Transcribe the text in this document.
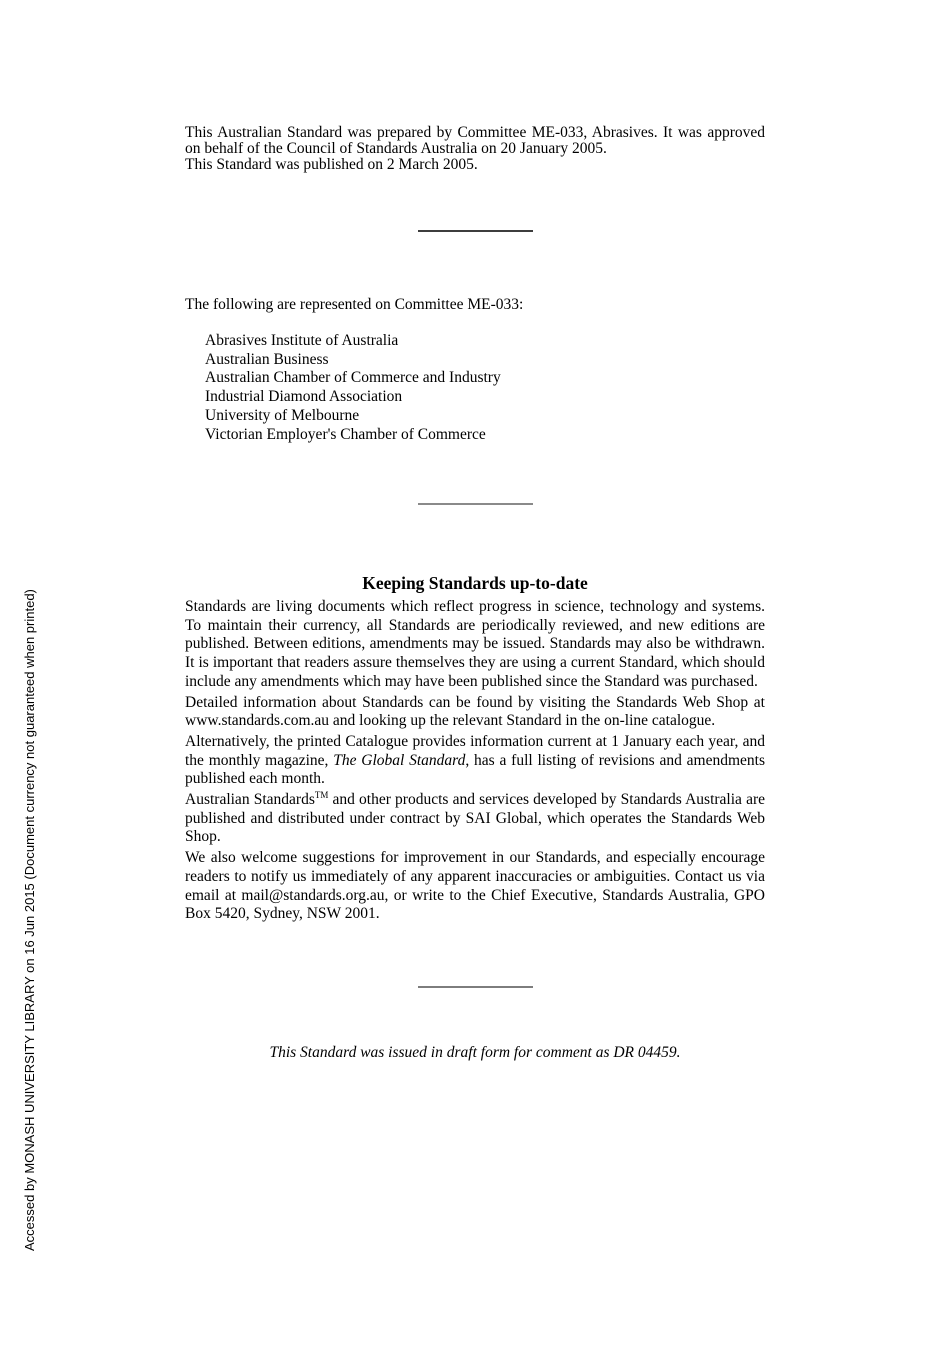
This Australian Standard was prepared by Committee ME-033, Abrasives. It was approved on behalf of the Council of Standards Australia on 20 January 2005.

This Standard was published on 2 March 2005.

The following are represented on Committee ME-033:
Abrasives Institute of Australia
Australian Business
Australian Chamber of Commerce and Industry
Industrial Diamond Association
University of Melbourne
Victorian Employer's Chamber of Commerce
Keeping Standards up-to-date

Standards are living documents which reflect progress in science, technology and systems. To maintain their currency, all Standards are periodically reviewed, and new editions are published. Between editions, amendments may be issued. Standards may also be withdrawn. It is important that readers assure themselves they are using a current Standard, which should include any amendments which may have been published since the Standard was purchased.

Detailed information about Standards can be found by visiting the Standards Web Shop at www.standards.com.au and looking up the relevant Standard in the on-line catalogue.

Alternatively, the printed Catalogue provides information current at 1 January each year, and the monthly magazine, The Global Standard, has a full listing of revisions and amendments published each month.

Australian Standards™ and other products and services developed by Standards Australia are published and distributed under contract by SAI Global, which operates the Standards Web Shop.

We also welcome suggestions for improvement in our Standards, and especially encourage readers to notify us immediately of any apparent inaccuracies or ambiguities. Contact us via email at mail@standards.org.au, or write to the Chief Executive, Standards Australia, GPO Box 5420, Sydney, NSW 2001.

This Standard was issued in draft form for comment as DR 04459.
Accessed by MONASH UNIVERSITY LIBRARY on 16 Jun 2015 (Document currency not guaranteed when printed)
